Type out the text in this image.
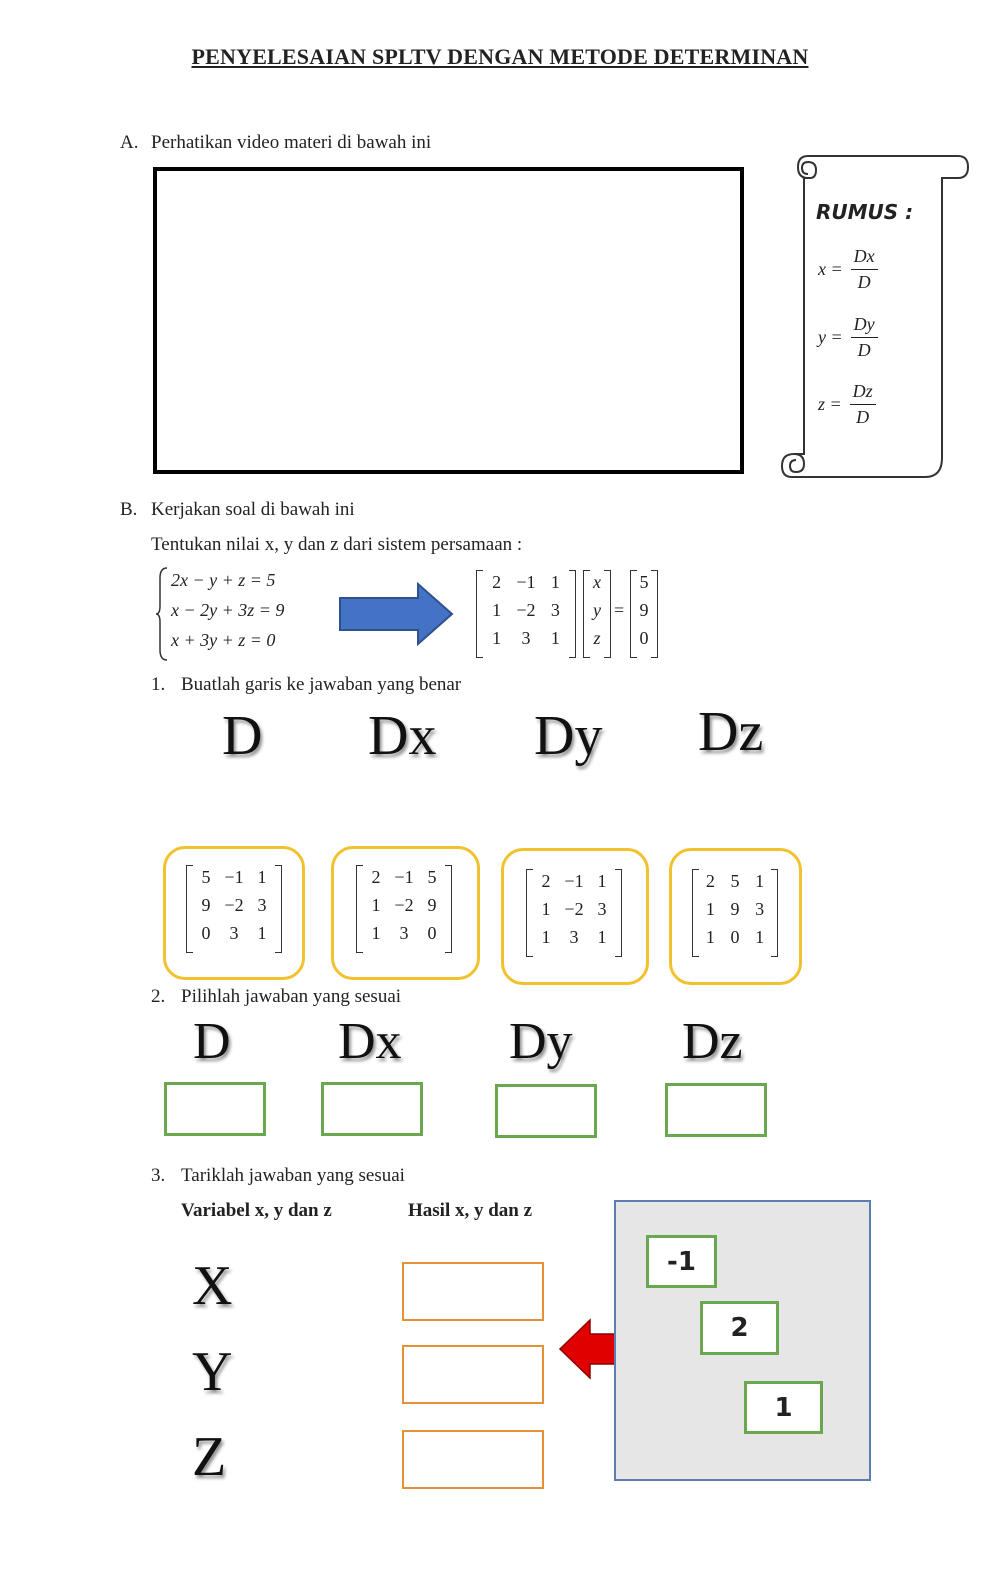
PENYELESAIAN SPLTV DENGAN METODE DETERMINAN
A. Perhatikan video materi di bawah ini
RUMUS :
$x = \frac{Dx}{D}$
$y = \frac{Dy}{D}$
$z = \frac{Dz}{D}$
B. Kerjakan soal di bawah ini
Tentukan nilai x, y dan z dari sistem persamaan :
2x − y + z = 5
x − 2y + 3z = 9
x + 3y + z = 0
2 −1 1
1 −2 3
1	3	1
x
y
z
=
5
9
0
1. Buatlah garis ke jawaban yang benar
D Dx Dy Dz
5 −1 1
9 −2 3
0	3	1
2 −1 5
1 −2 9
1	3	0
2 −1 1
1 −2 3
1	3	1
2 5 1
1 9 3
1 0 1
2. Pilihlah jawaban yang sesuai
D Dx Dy Dz
3. Tariklah jawaban yang sesuai
Variabel x, y dan z	Hasil x, y dan z
X
Y
Z
-1
2
1
